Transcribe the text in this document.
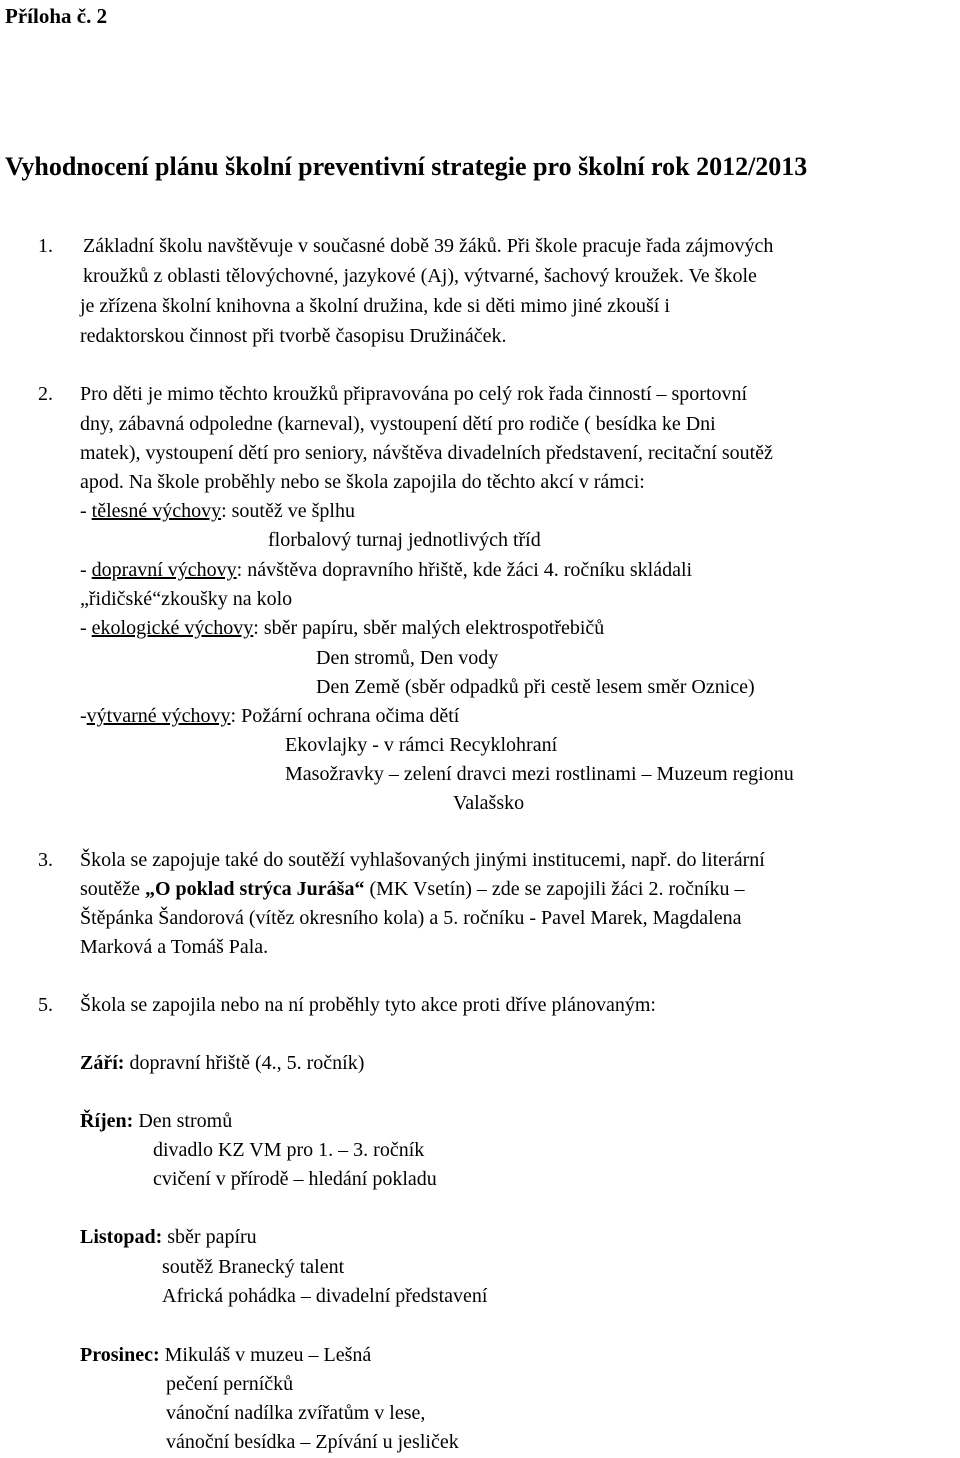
Příloha č. 2
Vyhodnocení plánu školní preventivní strategie pro školní rok 2012/2013
1. Základní školu navštěvuje v současné době 39 žáků. Při škole pracuje řada zájmových
kroužků z oblasti tělovýchovné, jazykové (Aj), výtvarné, šachový kroužek. Ve škole
je zřízena školní knihovna a školní družina, kde si děti mimo jiné zkouší i
redaktorskou činnost při tvorbě časopisu Družináček.
2. Pro děti je mimo těchto kroužků připravována po celý rok řada činností – sportovní
dny, zábavná odpoledne (karneval), vystoupení dětí pro rodiče ( besídka ke Dni
matek), vystoupení dětí pro seniory, návštěva divadelních představení, recitační soutěž
apod. Na škole proběhly nebo se škola zapojila do těchto akcí v rámci:
- tělesné výchovy: soutěž ve šplhu
florbalový turnaj jednotlivých tříd
- dopravní výchovy: návštěva dopravního hřiště, kde žáci 4. ročníku skládali
„řidičské“zkoušky na kolo
- ekologické výchovy: sběr papíru, sběr malých elektrospotřebičů
Den stromů, Den vody
Den Země (sběr odpadků při cestě lesem směr Oznice)
-výtvarné výchovy: Požární ochrana očima dětí
Ekovlajky - v rámci Recyklohraní
Masožravky – zelení dravci mezi rostlinami – Muzeum regionu
Valašsko
3. Škola se zapojuje také do soutěží vyhlašovaných jinými institucemi, např. do literární
soutěže „O poklad strýca Jurášа“ (MK Vsetín) – zde se zapojili žáci 2. ročníku –
Štěpánka Šandorová (vítěz okresního kola) a 5. ročníku - Pavel Marek, Magdalena
Marková a Tomáš Pala.
5. Škola se zapojila nebo na ní proběhly tyto akce proti dříve plánovaným:
Září: dopravní hřiště (4., 5. ročník)
Říjen: Den stromů
divadlo KZ VM pro 1. – 3. ročník
cvičení v přírodě – hledání pokladu
Listopad: sběr papíru
soutěž Branecký talent
Africká pohádka – divadelní představení
Prosinec: Mikuláš v muzeu – Lešná
pečení perníčků
vánoční nadílka zvířatům v lese,
vánoční besídka – Zpívání u jesliček
